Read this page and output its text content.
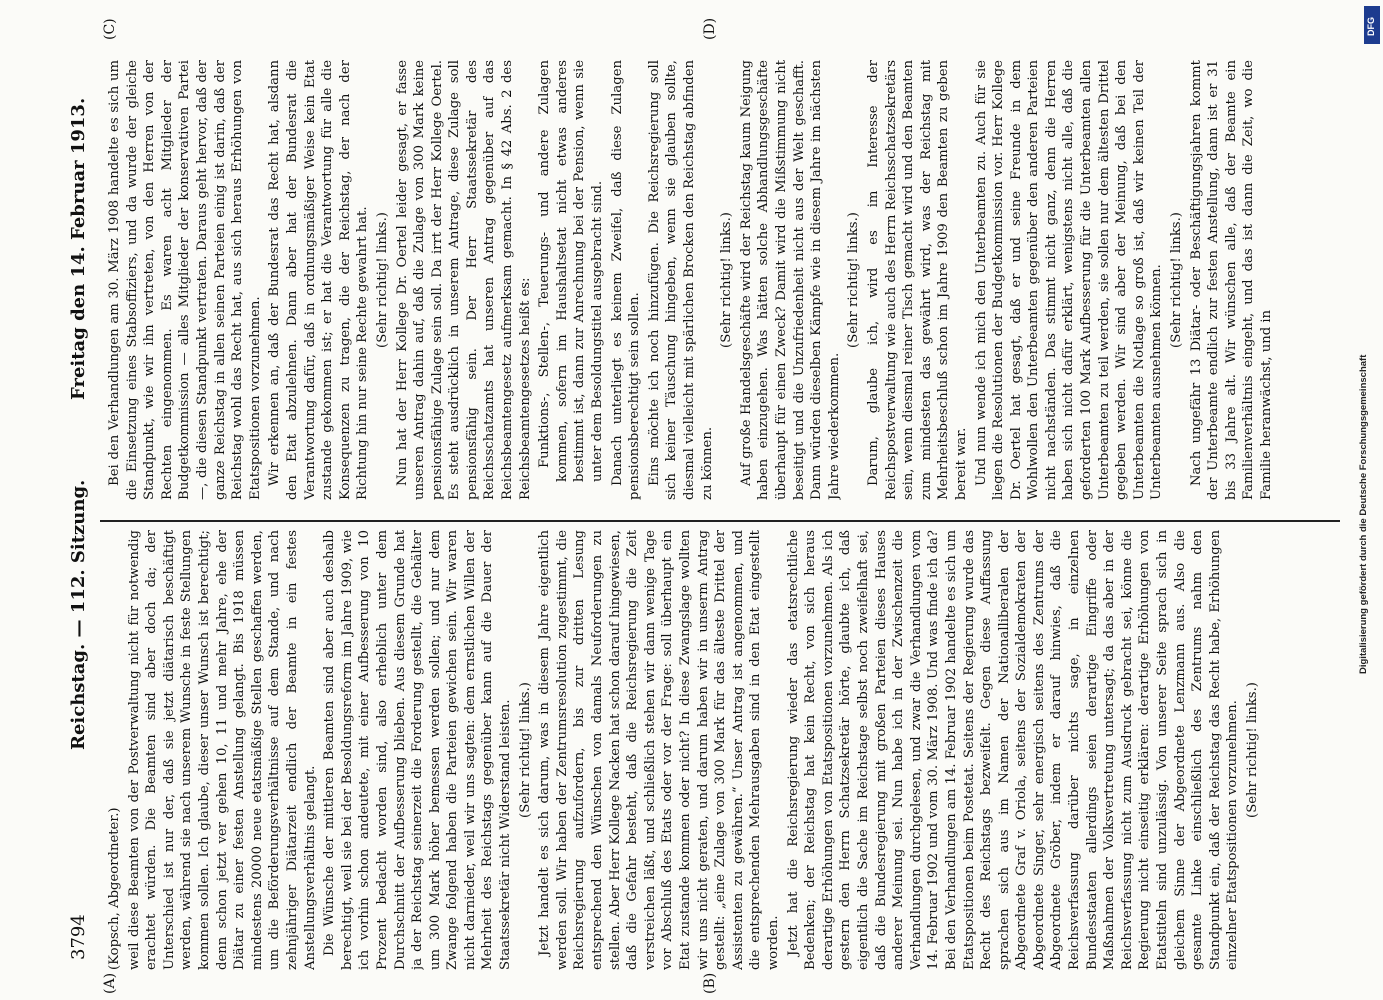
3794
Reichstag. — 112. Sitzung.
Freitag den 14. Februar 1913.
(A)	(B)
(C)	(D)

(Kopsch, Abgeordneter.) weil diese Beamten von der Postverwaltung nicht für notwendig erachtet würden. Die Beamten sind aber doch da; der Unterschied ist nur der, daß sie jetzt diätarisch beschäftigt werden, während sie nach unserem Wunsche in feste Stellungen kommen sollen. Ich glaube, dieser unser Wunsch ist berechtigt; denn schon jetzt ver gehen 10, 11 und mehr Jahre, ehe der Diätar zu einer festen Anstellung gelangt. Bis 1918 müssen mindestens 20000 neue etatsmäßige Stellen geschaffen werden, um die Beförderungsverhältnisse auf dem Stande, und nach zehnjähriger Diätarzeit endlich der Beamte in ein festes Anstellungsverhältnis gelangt. Die Wünsche der mittleren Beamten sind aber auch deshalb berechtigt, weil sie bei der Besoldungsreform im Jahre 1909, wie ich vorhin schon andeutete, mit einer Aufbesserung von 10 Prozent bedacht worden sind, also erheblich unter dem Durchschnitt der Aufbesserung blieben. Aus diesem Grunde hat ja der Reichstag seinerzeit die Forderung gestellt, die Gehälter um 300 Mark höher bemessen werden sollen; und nur dem Zwange folgend haben die Parteien gewichen sein. Wir waren nicht darnieder, weil wir uns sagten: dem ernstlichen Willen der Mehrheit des Reichstags gegenüber kann auf die Dauer der Staatssekretär nicht Widerstand leisten. (Sehr richtig! links.) Jetzt handelt es sich darum, was in diesem Jahre eigentlich werden soll. Wir haben der Zentrumsresolution zugestimmt, die Reichsregierung aufzufordern, bis zur dritten Lesung entsprechend den Wünschen von damals Neuforderungen zu stellen. Aber Herr Kollege Nacken hat schon darauf hingewiesen, daß die Gefahr besteht, daß die Reichsregierung die Zeit verstreichen läßt, und schließlich stehen wir dann wenige Tage vor Abschluß des Etats oder vor der Frage: soll überhaupt ein Etat zustande kommen oder nicht? In diese Zwangslage wollten wir uns nicht geraten, und darum haben wir in unserm Antrag gestellt: „eine Zulage von 300 Mark für das älteste Drittel der Assistenten zu gewähren.“ Unser Antrag ist angenommen, und die entsprechenden Mehrausgaben sind in den Etat eingestellt worden. Jetzt hat die Reichsregierung wieder das etatsrechtliche Bedenken; der Reichstag hat kein Recht, von sich heraus derartige Erhöhungen von Etatspositionen vorzunehmen. Als ich gestern den Herrn Schatzsekretär hörte, glaubte ich, daß eigentlich die Sache im Reichstage selbst noch zweifelhaft sei, daß die Bundesregierung mit großen Parteien dieses Hauses anderer Meinung sei. Nun habe ich in der Zwischenzeit die Verhandlungen durchgelesen, und zwar die Verhandlungen vom 14. Februar 1902 und vom 30. März 1908. Und was finde ich da? Bei den Verhandlungen am 14. Februar 1902 handelte es sich um Etatspositionen beim Postetat. Seitens der Regierung wurde das Recht des Reichstags bezweifelt. Gegen diese Auffassung sprachen sich aus im Namen der Nationalliberalen der Abgeordnete Graf v. Oriola, seitens der Sozialdemokraten der Abgeordnete Singer, sehr energisch seitens des Zentrums der Abgeordnete Gröber, indem er darauf hinwies, daß die Reichsverfassung darüber nichts sage, in einzelnen Bundesstaaten allerdings seien derartige Eingriffe oder Maßnahmen der Volksvertretung untersagt; da das aber in der Reichsverfassung nicht zum Ausdruck gebracht sei, könne die Regierung nicht einseitig erklären: derartige Erhöhungen von Etatstiteln sind unzulässig. Von unserer Seite sprach sich in gleichem Sinne der Abgeordnete Lenzmann aus. Also die gesamte Linke einschließlich des Zentrums nahm den Standpunkt ein, daß der Reichstag das Recht habe, Erhöhungen einzelner Etatspositionen vorzunehmen. (Sehr richtig! links.)

Bei den Verhandlungen am 30. März 1908 handelte es sich um die Einsetzung eines Stabsoffiziers, und da wurde der gleiche Standpunkt, wie wir ihn vertreten, von den Herren von der Rechten eingenommen. Es waren acht Mitglieder der Budgetkommission — alles Mitglieder der konservativen Partei —, die diesen Standpunkt vertraten. Daraus geht hervor, daß der ganze Reichstag in allen seinen Parteien einig ist darin, daß der Reichstag wohl das Recht hat, aus sich heraus Erhöhungen von Etatspositionen vorzunehmen. Wir erkennen an, daß der Bundesrat das Recht hat, alsdann den Etat abzulehnen. Dann aber hat der Bundesrat die Verantwortung dafür, daß in ordnungsmäßiger Weise kein Etat zustande gekommen ist; er hat die Verantwortung für alle die Konsequenzen zu tragen, die der Reichstag, der nach der Richtung hin nur seine Rechte gewahrt hat. (Sehr richtig! links.) Nun hat der Herr Kollege Dr. Oertel leider gesagt, er fasse unseren Antrag dahin auf, daß die Zulage von 300 Mark keine pensionsfähige Zulage sein soll. Da irrt der Herr Kollege Oertel. Es steht ausdrücklich in unserem Antrage, diese Zulage soll pensionsfähig sein. Der Herr Staatssekretär des Reichsschatzamts hat unseren Antrag gegenüber auf das Reichsbeamtengesetz aufmerksam gemacht. In § 42 Abs. 2 des Reichsbeamtengesetzes heißt es: Funktions-, Stellen-, Teuerungs- und andere Zulagen kommen, sofern im Haushaltsetat nicht etwas anderes bestimmt ist, dann zur Anrechnung bei der Pension, wenn sie unter dem Besoldungstitel ausgebracht sind. Danach unterliegt es keinem Zweifel, daß diese Zulagen pensionsberechtigt sein sollen. Eins möchte ich noch hinzufügen. Die Reichsregierung soll sich keiner Täuschung hingeben, wenn sie glauben sollte, diesmal vielleicht mit spärlichen Brocken den Reichstag abfinden zu können.

(Sehr richtig! links.) Auf große Handelsgeschäfte wird der Reichstag kaum Neigung haben einzugehen. Was hätten solche Abhandlungsgeschäfte überhaupt für einen Zweck? Damit wird die Mißstimmung nicht beseitigt und die Unzufriedenheit nicht aus der Welt geschafft. Dann würden dieselben Kämpfe wie in diesem Jahre im nächsten Jahre wiederkommen.

(Sehr richtig! links.) Darum, glaube ich, wird es im Interesse der Reichspostverwaltung wie auch des Herrn Reichsschatzsekretärs sein, wenn diesmal reiner Tisch gemacht wird und den Beamten zum mindesten das gewährt wird, was der Reichstag mit Mehrheitsbeschluß schon im Jahre 1909 den Beamten zu geben bereit war. Und nun wende ich mich den Unterbeamten zu. Auch für sie liegen die Resolutionen der Budgetkommission vor. Herr Kollege Dr. Oertel hat gesagt, daß er und seine Freunde in dem Wohlwollen den Unterbeamten gegenüber den anderen Parteien nicht nachständen. Das stimmt nicht ganz, denn die Herren haben sich nicht dafür erklärt, wenigstens nicht alle, daß die geforderten 100 Mark Aufbesserung für die Unterbeamten allen Unterbeamten zu teil werden, sie sollen nur dem ältesten Drittel gegeben werden. Wir sind aber der Meinung, daß bei den Unterbeamten die Notlage so groß ist, daß wir keinen Teil der Unterbeamten ausnehmen können. (Sehr richtig! links.) Nach ungefähr 13 Diätar- oder Beschäftigungsjahren kommt der Unterbeamte endlich zur festen Anstellung, dann ist er 31 bis 33 Jahre alt. Wir wünschen alle, daß der Beamte ein Familienverhältnis eingeht, und das ist dann die Zeit, wo die Familie heranwächst, und in

DFG
Digitalisierung gefördert durch die Deutsche Forschungsgemeinschaft
